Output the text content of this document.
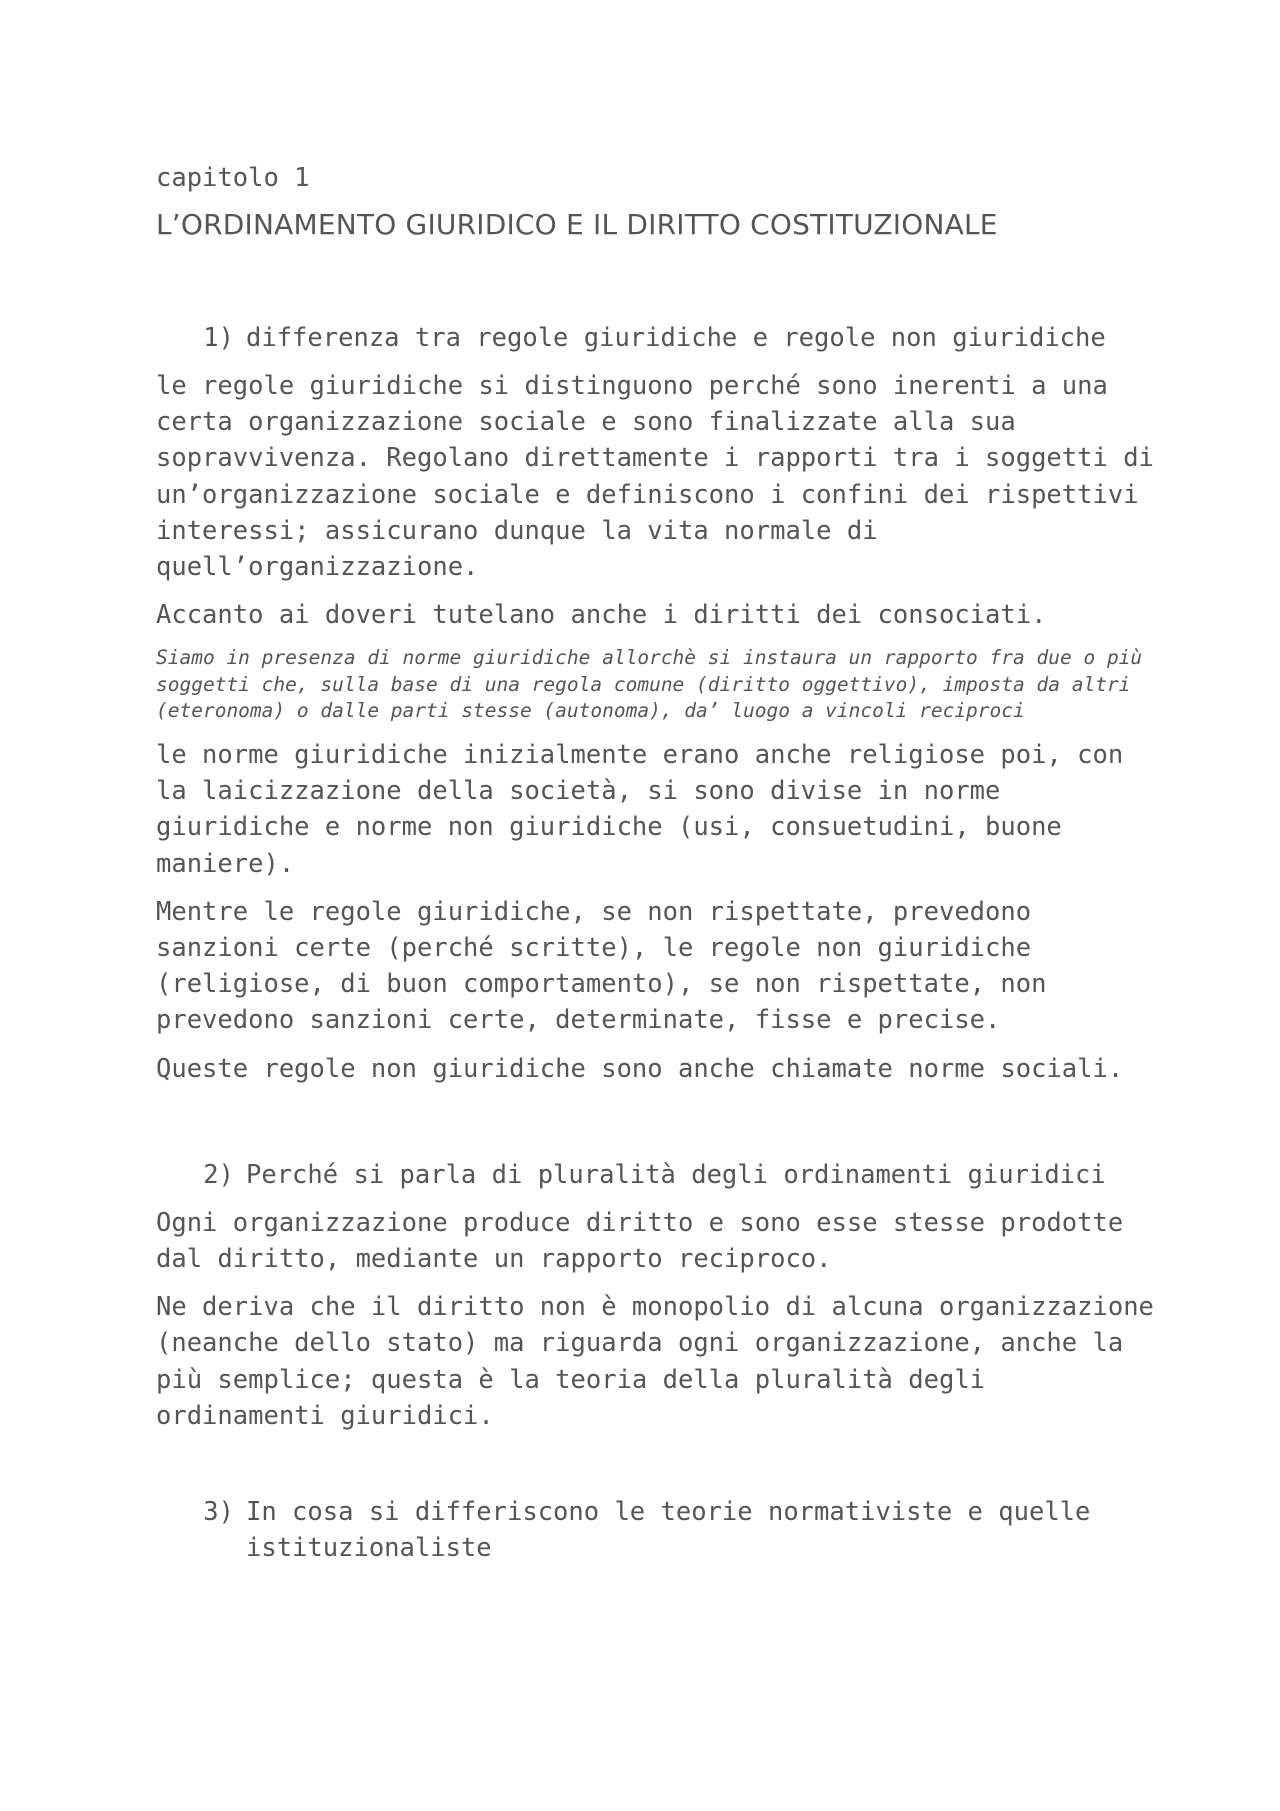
capitolo 1
L’ORDINAMENTO GIURIDICO E IL DIRITTO COSTITUZIONALE
1) differenza tra regole giuridiche e regole non giuridiche

le regole giuridiche si distinguono perché sono inerenti a una certa organizzazione sociale e sono finalizzate alla sua sopravvivenza. Regolano direttamente i rapporti tra i soggetti di un’organizzazione sociale e definiscono i confini dei rispettivi interessi; assicurano dunque la vita normale di quell’organizzazione.

Accanto ai doveri tutelano anche i diritti dei consociati.

Siamo in presenza di norme giuridiche allorchè si instaura un rapporto fra due o più soggetti che, sulla base di una regola comune (diritto oggettivo), imposta da altri (eteronoma) o dalle parti stesse (autonoma), da’ luogo a vincoli reciproci

le norme giuridiche inizialmente erano anche religiose poi, con la laicizzazione della società, si sono divise in norme giuridiche e norme non giuridiche (usi, consuetudini, buone maniere).

Mentre le regole giuridiche, se non rispettate, prevedono sanzioni certe (perché scritte), le regole non giuridiche (religiose, di buon comportamento), se non rispettate, non prevedono sanzioni certe, determinate, fisse e precise.

Queste regole non giuridiche sono anche chiamate norme sociali.

2) Perché si parla di pluralità degli ordinamenti giuridici

Ogni organizzazione produce diritto e sono esse stesse prodotte dal diritto, mediante un rapporto reciproco.

Ne deriva che il diritto non è monopolio di alcuna organizzazione (neanche dello stato) ma riguarda ogni organizzazione, anche la più semplice; questa è la teoria della pluralità degli ordinamenti giuridici.

3) In cosa si differiscono le teorie normativiste e quelle istituzionaliste
